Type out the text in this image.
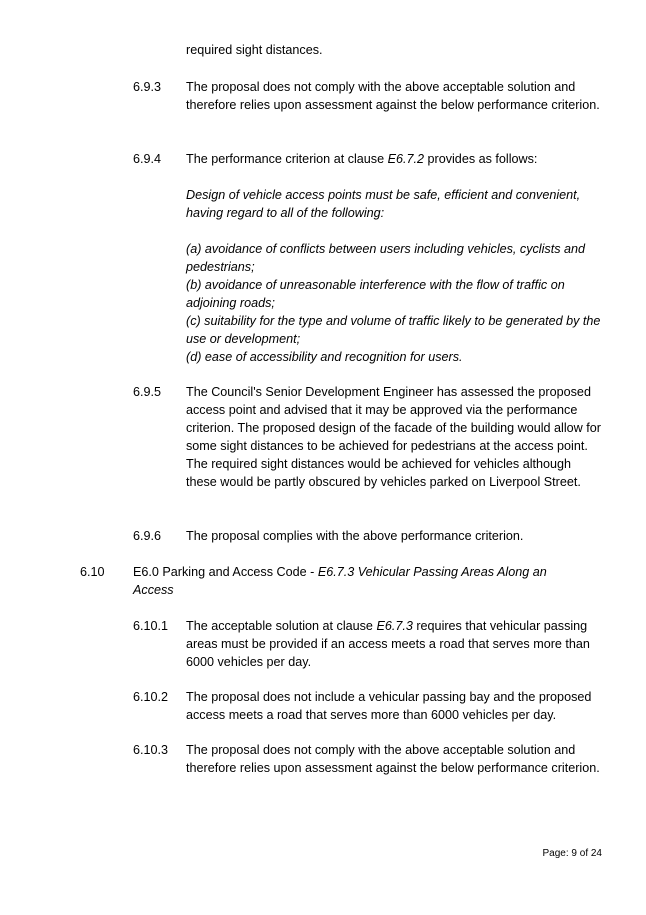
required sight distances.
6.9.3 The proposal does not comply with the above acceptable solution and therefore relies upon assessment against the below performance criterion.
6.9.4 The performance criterion at clause E6.7.2 provides as follows:
Design of vehicle access points must be safe, efficient and convenient, having regard to all of the following:
(a) avoidance of conflicts between users including vehicles, cyclists and pedestrians;
(b) avoidance of unreasonable interference with the flow of traffic on adjoining roads;
(c) suitability for the type and volume of traffic likely to be generated by the use or development;
(d) ease of accessibility and recognition for users.
6.9.5 The Council's Senior Development Engineer has assessed the proposed access point and advised that it may be approved via the performance criterion. The proposed design of the facade of the building would allow for some sight distances to be achieved for pedestrians at the access point. The required sight distances would be achieved for vehicles although these would be partly obscured by vehicles parked on Liverpool Street.
6.9.6 The proposal complies with the above performance criterion.
6.10 E6.0 Parking and Access Code - E6.7.3 Vehicular Passing Areas Along an Access
6.10.1 The acceptable solution at clause E6.7.3 requires that vehicular passing areas must be provided if an access meets a road that serves more than 6000 vehicles per day.
6.10.2 The proposal does not include a vehicular passing bay and the proposed access meets a road that serves more than 6000 vehicles per day.
6.10.3 The proposal does not comply with the above acceptable solution and therefore relies upon assessment against the below performance criterion.
Page: 9 of 24
